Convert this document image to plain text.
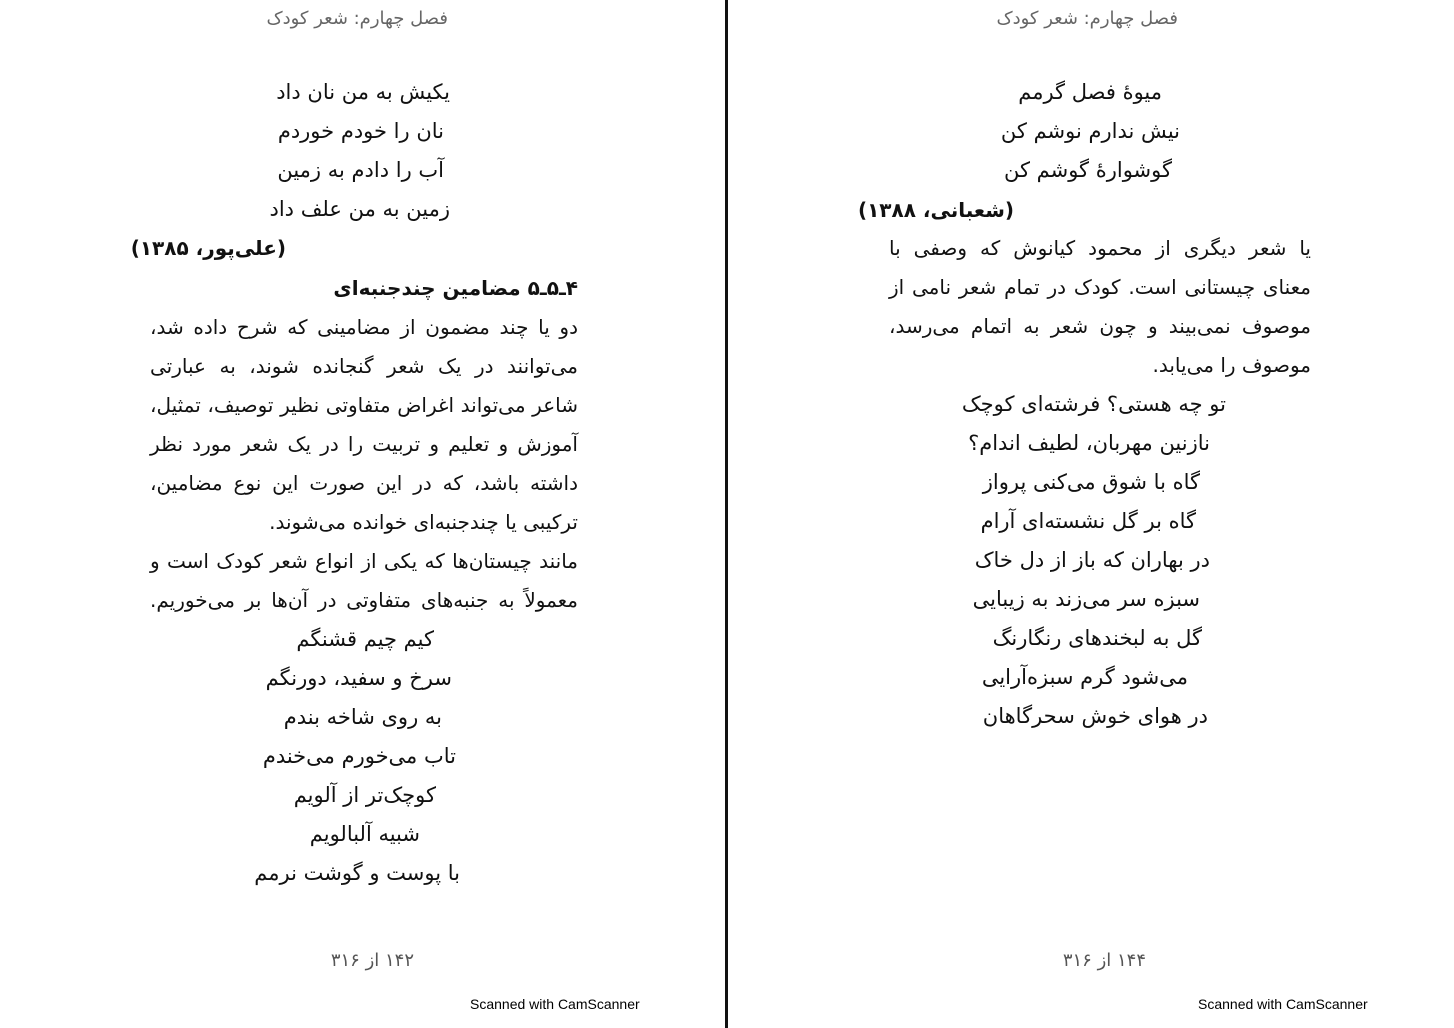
فصل چهارم: شعر کودک
یکیش به من نان داد
نان را خودم خوردم
آب را دادم به زمین
زمین به من علف داد
(علی‌پور، ۱۳۸۵)
۴ـ۵ـ۵ مضامین چندجنبه‌ای
دو یا چند مضمون از مضامینی که شرح داده شد،
می‌توانند در یک شعر گنجانده شوند، به عبارتی
شاعر می‌تواند اغراض متفاوتی نظیر توصیف، تمثیل،
آموزش و تعلیم و تربیت را در یک شعر مورد نظر
داشته باشد، که در این صورت این نوع مضامین،
ترکیبی یا چندجنبه‌ای خوانده می‌شوند.
مانند چیستان‌ها که یکی از انواع شعر کودک است و
معمولاً به جنبه‌های متفاوتی در آن‌ها بر می‌خوریم.
کیم چیم قشنگم
سرخ و سفید، دورنگم
به روی شاخه بندم
تاب می‌خورم می‌خندم
کوچک‌تر از آلویم
شبیه آلبالویم
با پوست و گوشت نرمم
۱۴۲ از ۳۱۶
Scanned with CamScanner
فصل چهارم: شعر کودک
میوهٔ فصل گرمم
نیش ندارم نوشم کن
گوشوارهٔ گوشم کن
(شعبانی، ۱۳۸۸)
یا شعر دیگری از محمود کیانوش که وصفی با
معنای چیستانی است. کودک در تمام شعر نامی از
موصوف نمی‌بیند و چون شعر به اتمام می‌رسد،
موصوف را می‌یابد.
تو چه هستی؟ فرشته‌ای کوچک
نازنین مهربان، لطیف اندام؟
گاه با شوق می‌کنی پرواز
گاه بر گل نشسته‌ای آرام
در بهاران که باز از دل خاک
سبزه سر می‌زند به زیبایی
گل به لبخندهای رنگارنگ
می‌شود گرم سبزه‌آرایی
در هوای خوش سحرگاهان
۱۴۴ از ۳۱۶
Scanned with CamScanner
